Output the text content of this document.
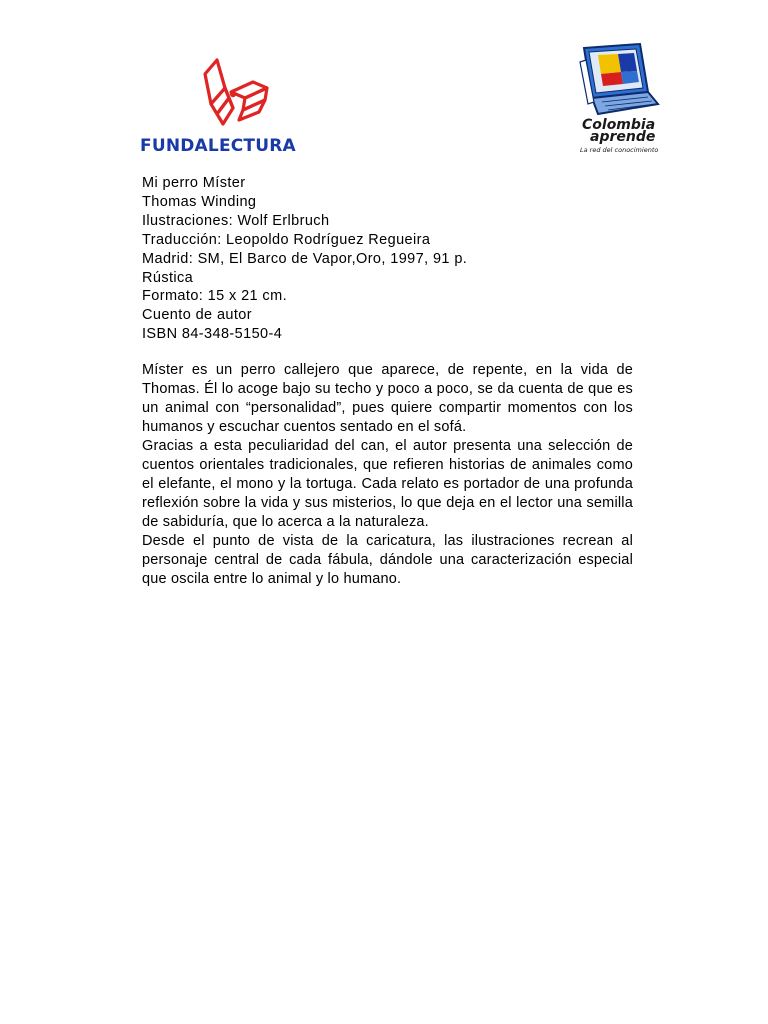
FUNDALECTURA
Colombia
aprende
La red del conocimiento
Mi perro Míster
Thomas Winding
Ilustraciones: Wolf Erlbruch
Traducción: Leopoldo Rodríguez Regueira
Madrid: SM, El Barco de Vapor,Oro, 1997, 91 p.
Rústica
Formato: 15 x 21 cm.
Cuento de autor
ISBN 84-348-5150-4

Míster es un perro callejero que aparece, de repente, en la vida de Thomas. Él lo acoge bajo su techo y poco a poco, se da cuenta de que es un animal con “personalidad”, pues quiere compartir momentos con los humanos y escuchar cuentos sentado en el sofá.

Gracias a esta peculiaridad del can, el autor presenta una selección de cuentos orientales tradicionales, que refieren historias de animales como el elefante, el mono y la tortuga. Cada relato es portador de una profunda reflexión sobre la vida y sus misterios, lo que deja en el lector una semilla de sabiduría, que lo acerca a la naturaleza.

Desde el punto de vista de la caricatura, las ilustraciones recrean al personaje central de cada fábula, dándole una caracterización especial que oscila entre lo animal y lo humano.
